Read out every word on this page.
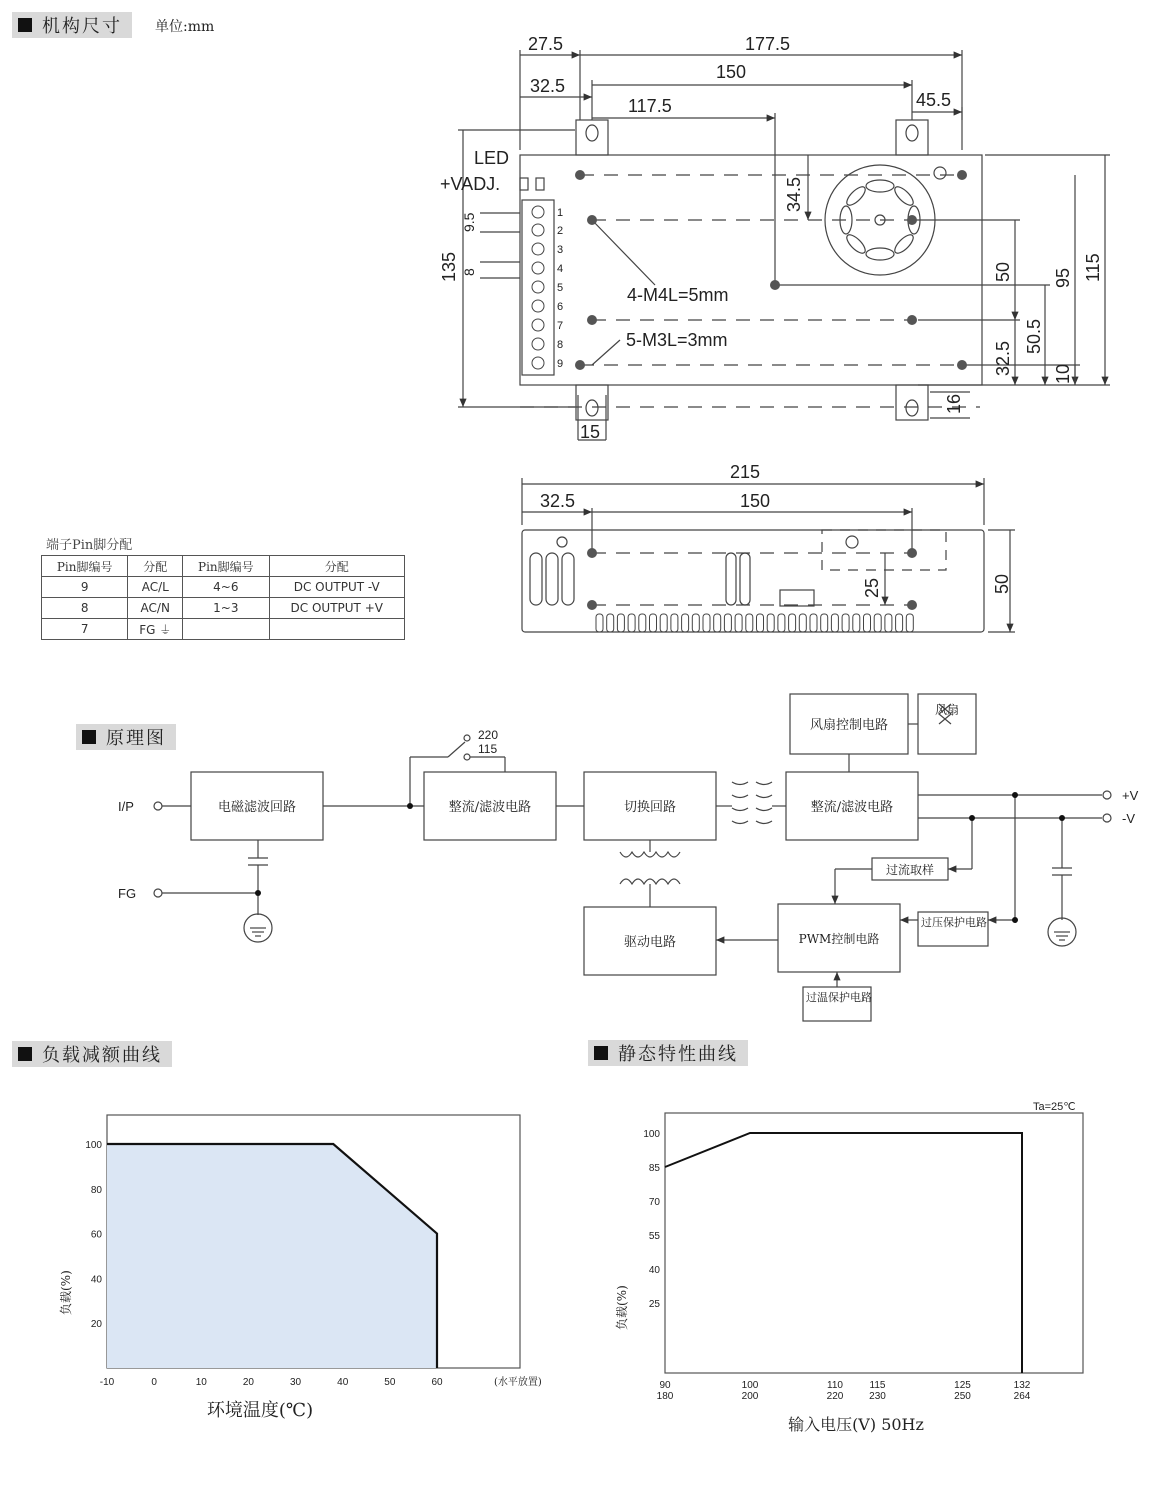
机构尺寸 单位:mm
原理图
负载减额曲线	静态特性曲线
端子Pin脚分配
Pin脚编号	分配	Pin脚编号	分配
9	AC/L	4~6	DC OUTPUT -V
8	AC/N	1~3	DC OUTPUT +V
7	FG ⏚		
27.5	177.5
32.5
150
117.5	45.5
34.5
9.5
135 8	50 95 115
50.5
32.5 10
16
15
LED
+VADJ.
4-M4L=5mm
5-M3L=3mm
1
2
3
4
5
6
7
8
9
215
32.5	150
25	50
电磁滤波回路	整流/滤波电路	切换回路	整流/滤波电路
风扇控制电路
风扇
驱动电路	PWM控制电路
过流取样
过压保护电路
过温保护电路
I/P
FG
+V
-V
220
115
-10	0	10	20	30	40	50	60
20
40
60
80
100
负载(%)
环境温度(℃)
(水平放置)
25
40
55
70
85
100
90
180
100
200
110
220
115
230
125
250
132
264
Ta=25℃
负载(%)
输入电压(V) 50Hz
